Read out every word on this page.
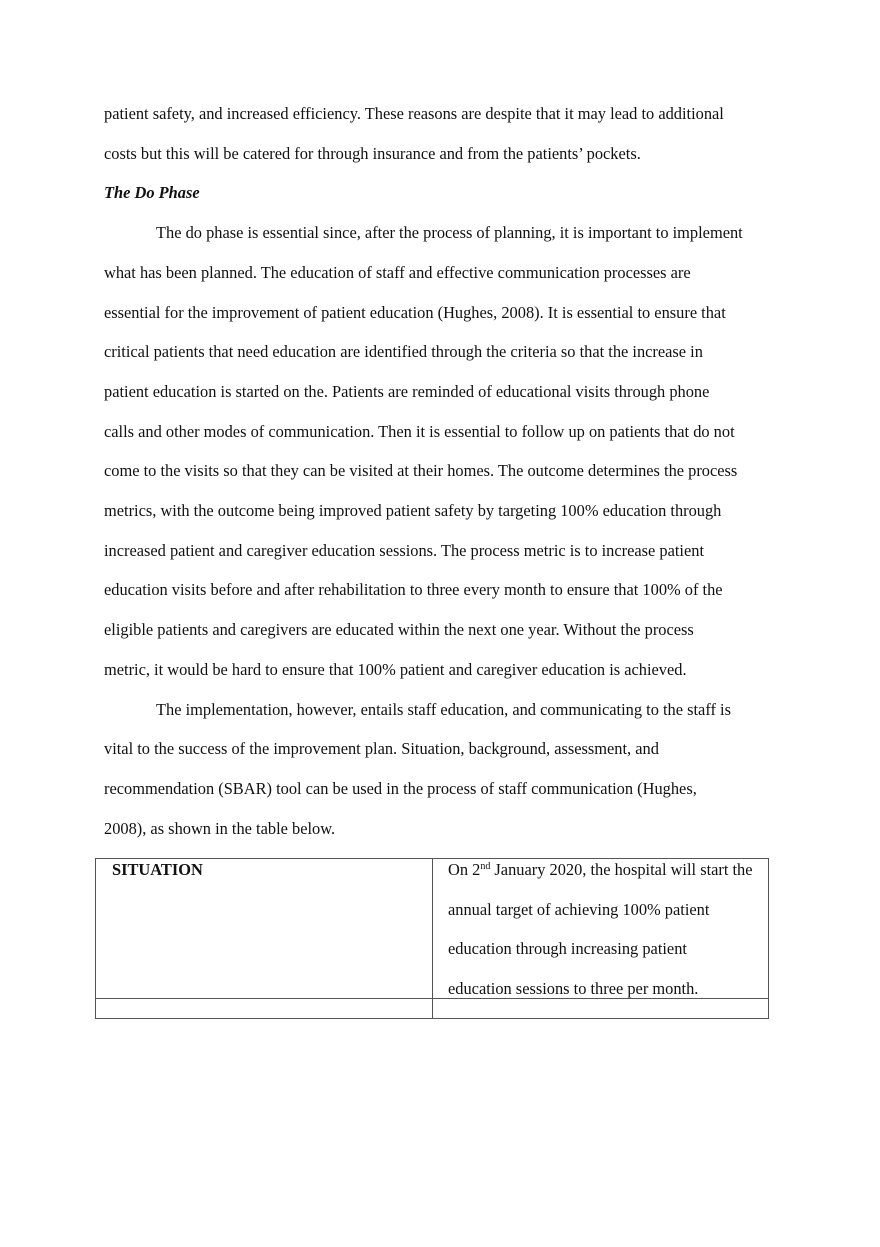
patient safety, and increased efficiency. These reasons are despite that it may lead to additional

costs but this will be catered for through insurance and from the patients’ pockets.

The Do Phase

The do phase is essential since, after the process of planning, it is important to implement

what has been planned. The education of staff and effective communication processes are

essential for the improvement of patient education (Hughes, 2008). It is essential to ensure that

critical patients that need education are identified through the criteria so that the increase in

patient education is started on the. Patients are reminded of educational visits through phone

calls and other modes of communication. Then it is essential to follow up on patients that do not

come to the visits so that they can be visited at their homes. The outcome determines the process

metrics, with the outcome being improved patient safety by targeting 100% education through

increased patient and caregiver education sessions. The process metric is to increase patient

education visits before and after rehabilitation to three every month to ensure that 100% of the

eligible patients and caregivers are educated within the next one year. Without the process

metric, it would be hard to ensure that 100% patient and caregiver education is achieved.

The implementation, however, entails staff education, and communicating to the staff is

vital to the success of the improvement plan. Situation, background, assessment, and

recommendation (SBAR) tool can be used in the process of staff communication (Hughes,

2008), as shown in the table below.

SITUATION	On 2nd January 2020, the hospital will start the
annual target of achieving 100% patient
education through increasing patient
education sessions to three per month.
